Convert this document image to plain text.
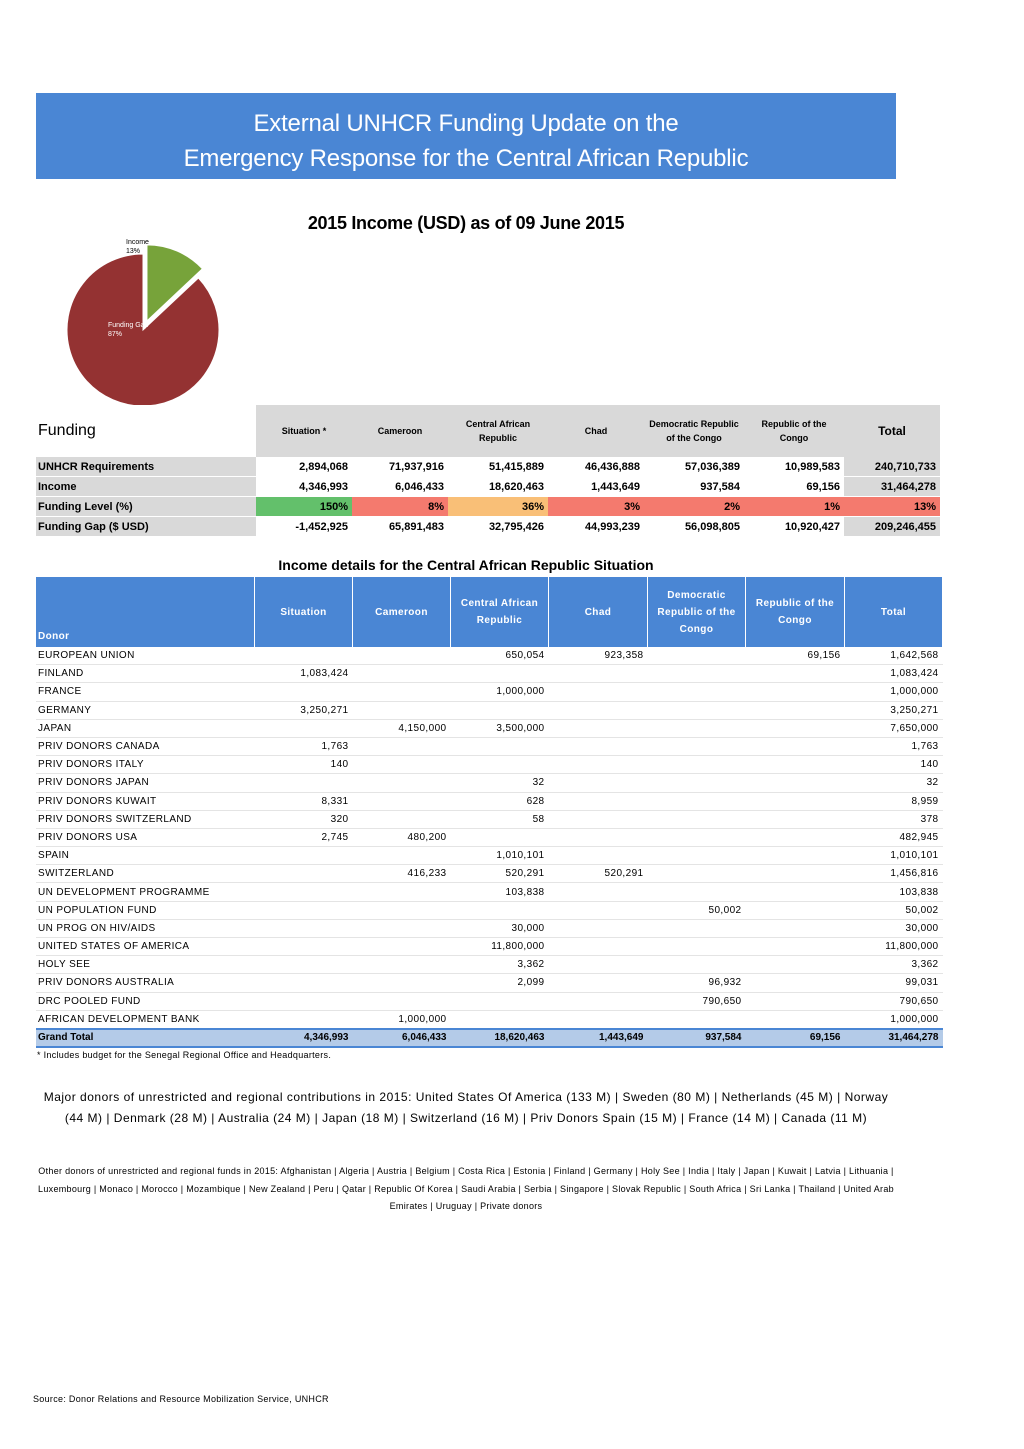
External UNHCR Funding Update on the
Emergency Response for the Central African Republic
2015 Income (USD) as of 09 June 2015
Income
13%
Funding Gap
87%
Funding	Situation *	Cameroon	Central African Republic	Chad	Democratic Republic of the Congo	Republic of the Congo	Total
UNHCR Requirements	2,894,068	71,937,916	51,415,889	46,436,888	57,036,389	10,989,583	240,710,733
Income	4,346,993	6,046,433	18,620,463	1,443,649	937,584	69,156	31,464,278
Funding Level (%)	150%	8%	36%	3%	2%	1%	13%
Funding Gap ($ USD)	-1,452,925	65,891,483	32,795,426	44,993,239	56,098,805	10,920,427	209,246,455
Income details for the Central African Republic Situation
Donor	Situation	Cameroon	Central African Republic	Chad	Democratic Republic of the Congo	Republic of the Congo	Total
EUROPEAN UNION			650,054	923,358		69,156	1,642,568
FINLAND	1,083,424						1,083,424
FRANCE			1,000,000				1,000,000
GERMANY	3,250,271						3,250,271
JAPAN		4,150,000	3,500,000				7,650,000
PRIV DONORS CANADA	1,763						1,763
PRIV DONORS ITALY	140						140
PRIV DONORS JAPAN			32				32
PRIV DONORS KUWAIT	8,331		628				8,959
PRIV DONORS SWITZERLAND	320		58				378
PRIV DONORS USA	2,745	480,200					482,945
SPAIN			1,010,101				1,010,101
SWITZERLAND		416,233	520,291	520,291			1,456,816
UN DEVELOPMENT PROGRAMME			103,838				103,838
UN POPULATION FUND					50,002		50,002
UN PROG ON HIV/AIDS			30,000				30,000
UNITED STATES OF AMERICA			11,800,000				11,800,000
HOLY SEE			3,362				3,362
PRIV DONORS AUSTRALIA			2,099		96,932		99,031
DRC POOLED FUND					790,650		790,650
AFRICAN DEVELOPMENT BANK		1,000,000					1,000,000
Grand Total	4,346,993	6,046,433	18,620,463	1,443,649	937,584	69,156	31,464,278
* Includes budget for the Senegal Regional Office and Headquarters.
Major donors of unrestricted and regional contributions in 2015: United States Of America (133 M) | Sweden (80 M) | Netherlands (45 M) | Norway (44 M) | Denmark (28 M) | Australia (24 M) | Japan (18 M) | Switzerland (16 M) | Priv Donors Spain (15 M) | France (14 M) | Canada (11 M)
Other donors of unrestricted and regional funds in 2015: Afghanistan | Algeria | Austria | Belgium | Costa Rica | Estonia | Finland | Germany | Holy See | India | Italy | Japan | Kuwait | Latvia | Lithuania | Luxembourg | Monaco | Morocco | Mozambique | New Zealand | Peru | Qatar | Republic Of Korea | Saudi Arabia | Serbia | Singapore | Slovak Republic | South Africa | Sri Lanka | Thailand | United Arab Emirates | Uruguay | Private donors
Source: Donor Relations and Resource Mobilization Service, UNHCR
